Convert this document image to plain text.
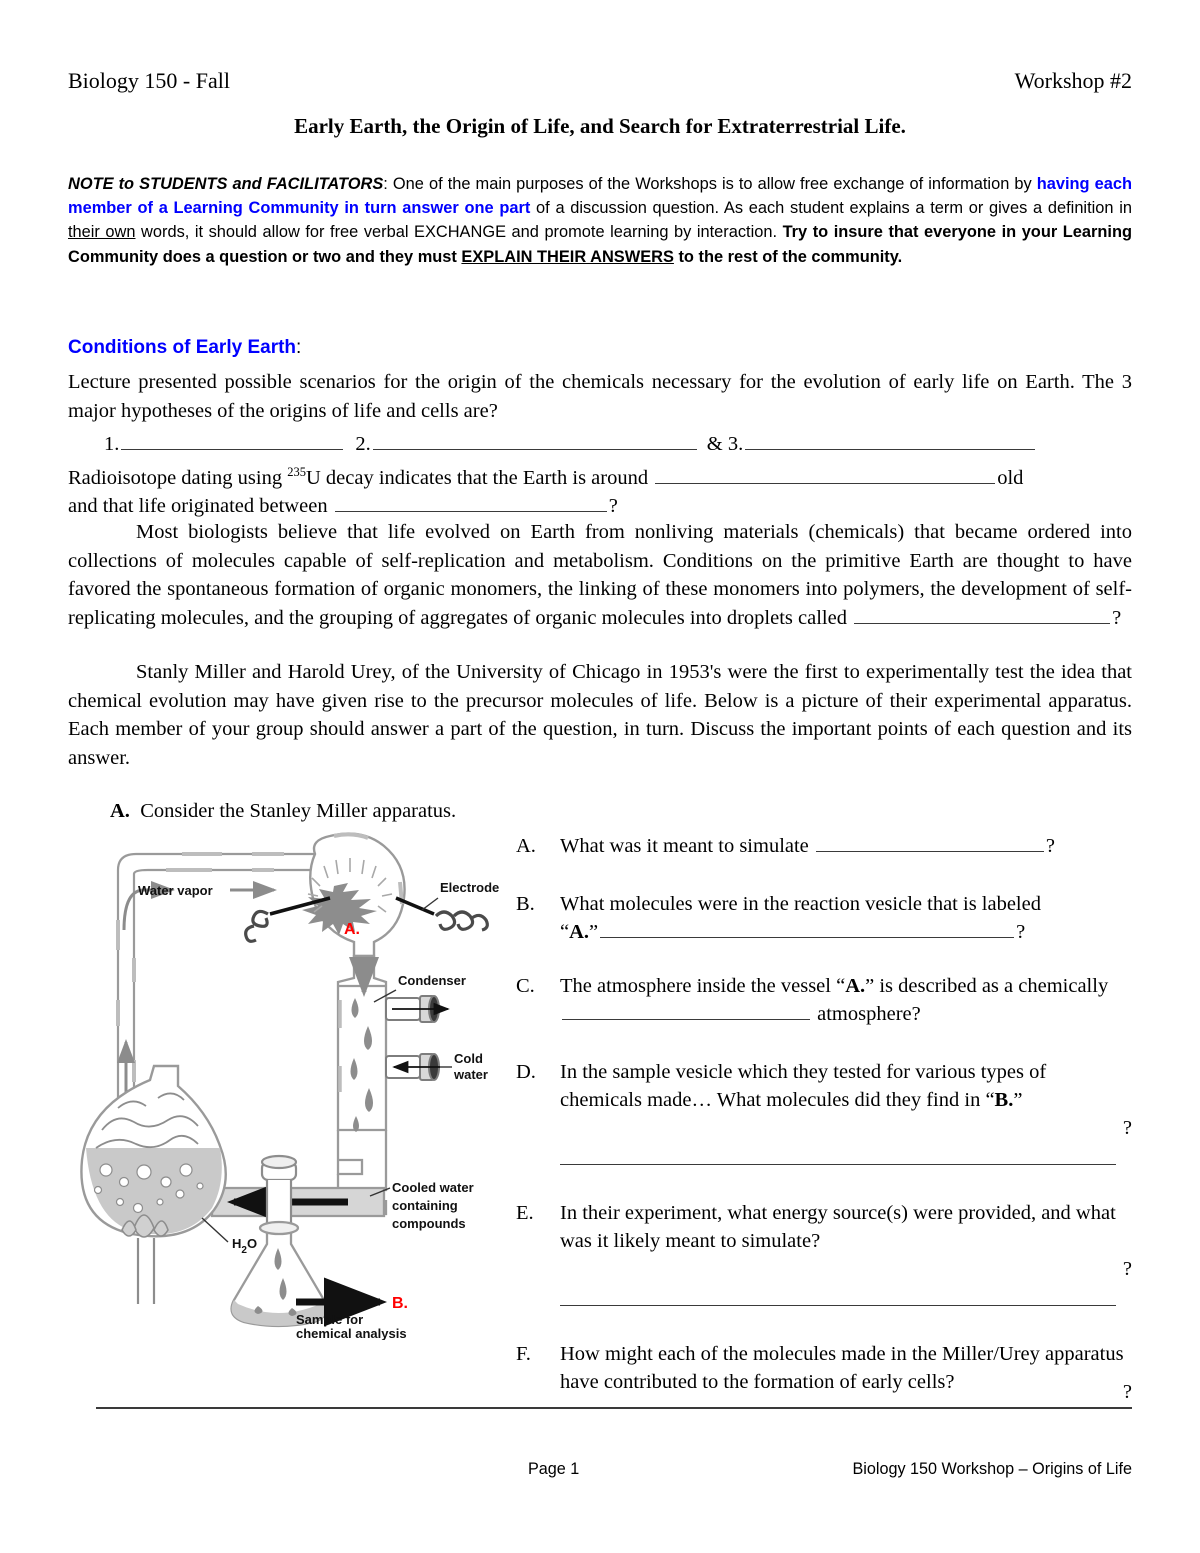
Biology 150 - Fall	Workshop #2
Early Earth, the Origin of Life, and Search for Extraterrestrial Life.
NOTE to STUDENTS and FACILITATORS: One of the main purposes of the Workshops is to allow free exchange of information by having each member of a Learning Community in turn answer one part of a discussion question. As each student explains a term or gives a definition in their own words, it should allow for free verbal EXCHANGE and promote learning by interaction. Try to insure that everyone in your Learning Community does a question or two and they must EXPLAIN THEIR ANSWERS to the rest of the community.
Conditions of Early Earth:
Lecture presented possible scenarios for the origin of the chemicals necessary for the evolution of early life on Earth. The 3 major hypotheses of the origins of life and cells are?
1.	2.	& 3.
Radioisotope dating using $^{235}$U decay indicates that the Earth is around	old
and that life originated between	?
Most biologists believe that life evolved on Earth from nonliving materials (chemicals) that became ordered into collections of molecules capable of self-replication and metabolism. Conditions on the primitive Earth are thought to have favored the spontaneous formation of organic monomers, the linking of these monomers into polymers, the development of self-replicating molecules, and the grouping of aggregates of organic molecules into droplets called	?
Stanly Miller and Harold Urey, of the University of Chicago in 1953's were the first to experimentally test the idea that chemical evolution may have given rise to the precursor molecules of life. Below is a picture of their experimental apparatus. Each member of your group should answer a part of the question, in turn. Discuss the important points of each question and its answer.
A. Consider the Stanley Miller apparatus.
Water vapor
A.
Electrode
Condenser
Cold
water
Cooled water
containing
compounds
$H_2O$
Sample for
chemical analysis
B.
A.	What was it meant to simulate	?
B.	What molecules were in the reaction vesicle that is labeled
“A.”	?
C.	The atmosphere inside the vessel “A.” is described as a chemically  atmosphere?
D.	In the sample vesicle which they tested for various types of chemicals made… What molecules did they find in “B.”
?
E.	In their experiment, what energy source(s) were provided, and what was it likely meant to simulate?
?
F.	How might each of the molecules made in the Miller/Urey apparatus have contributed to the formation of early cells?	?
Page 1	Biology 150 Workshop – Origins of Life
